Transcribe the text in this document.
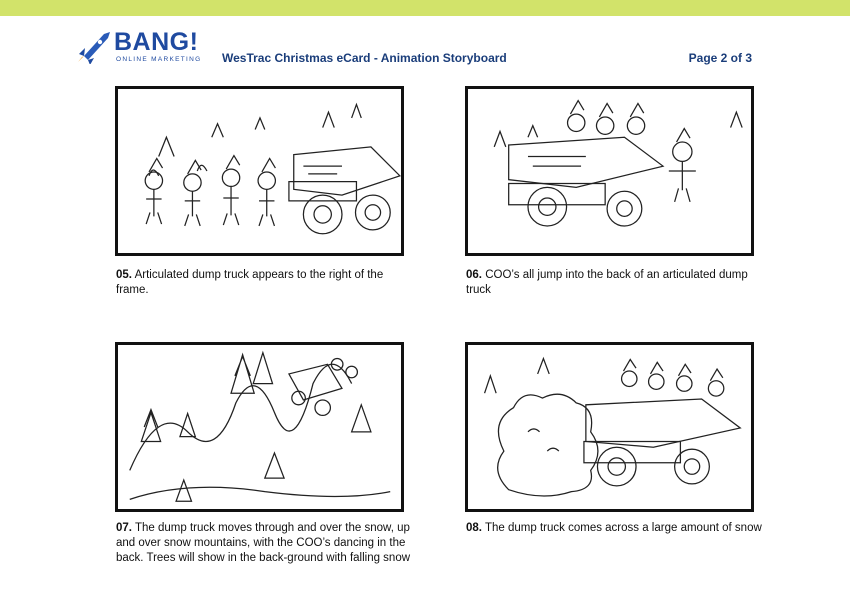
BANG!
ONLINE MARKETING WesTrac Christmas eCard - Animation Storyboard	Page 2 of 3
05. Articulated dump truck appears to the right of the frame.
06. COO’s all jump into the back of an articulated dump truck
07. The dump truck moves through and over the snow, up and over snow mountains, with the COO’s dancing in the back. Trees will show in the back-ground with falling snow
08. The dump truck comes across a large amount of snow
